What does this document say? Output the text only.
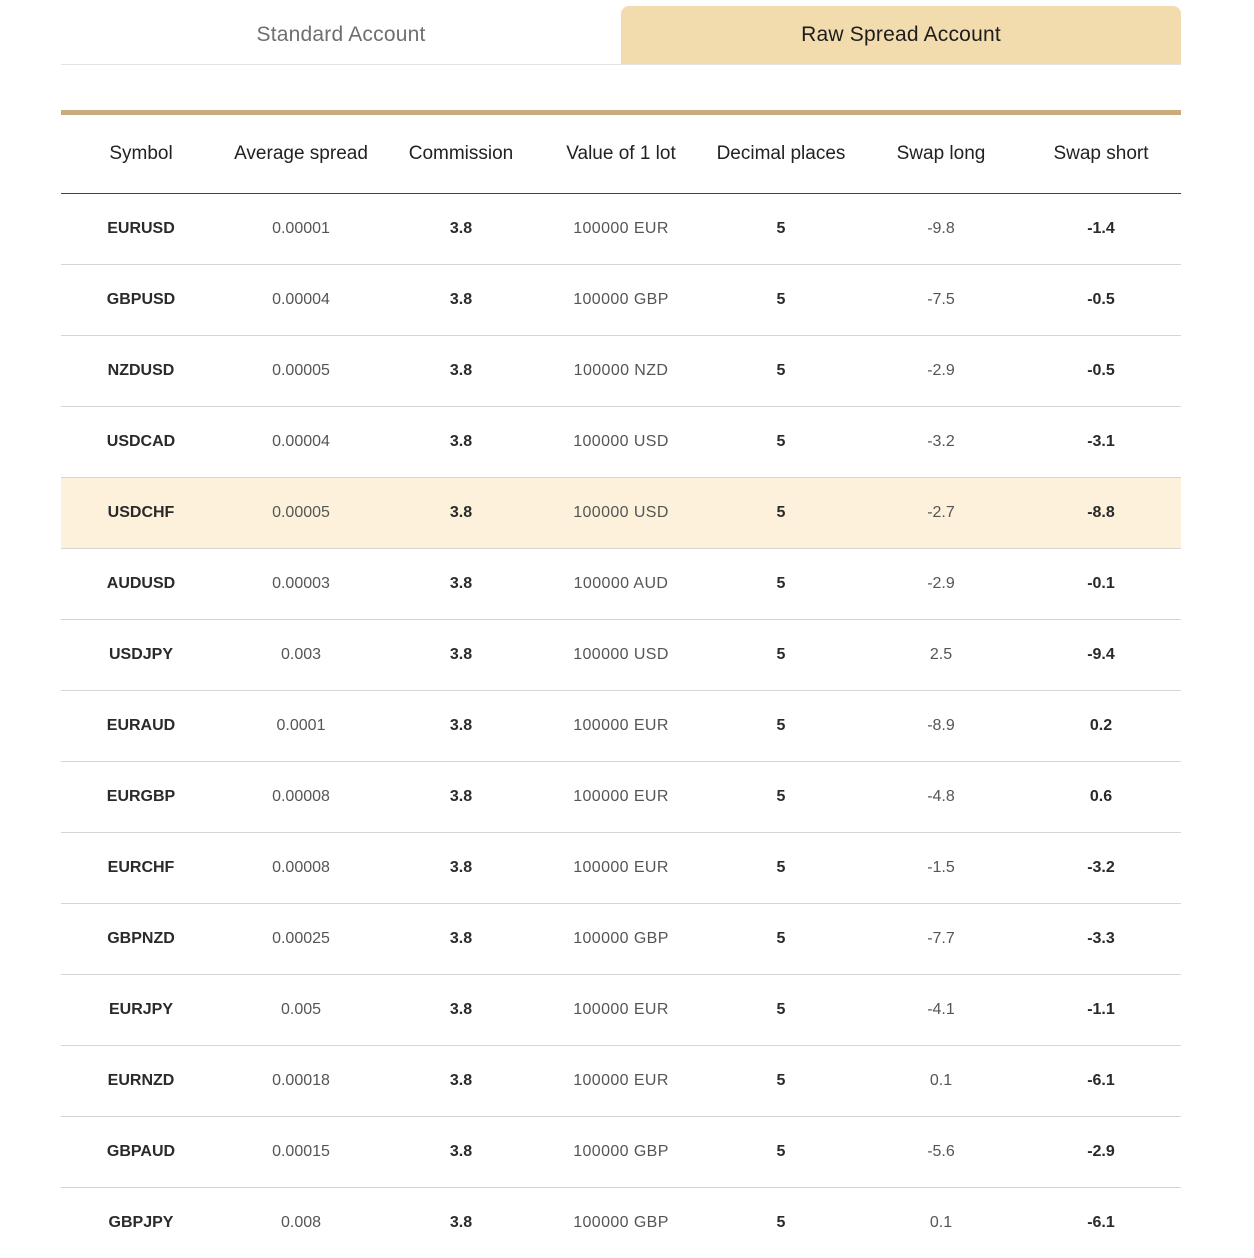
Standard Account	Raw Spread Account
Symbol	Average spread	Commission	Value of 1 lot	Decimal places	Swap long	Swap short
EURUSD	0.00001	3.8	100000 EUR	5	-9.8	-1.4
GBPUSD	0.00004	3.8	100000 GBP	5	-7.5	-0.5
NZDUSD	0.00005	3.8	100000 NZD	5	-2.9	-0.5
USDCAD	0.00004	3.8	100000 USD	5	-3.2	-3.1
USDCHF	0.00005	3.8	100000 USD	5	-2.7	-8.8
AUDUSD	0.00003	3.8	100000 AUD	5	-2.9	-0.1
USDJPY	0.003	3.8	100000 USD	5	2.5	-9.4
EURAUD	0.0001	3.8	100000 EUR	5	-8.9	0.2
EURGBP	0.00008	3.8	100000 EUR	5	-4.8	0.6
EURCHF	0.00008	3.8	100000 EUR	5	-1.5	-3.2
GBPNZD	0.00025	3.8	100000 GBP	5	-7.7	-3.3
EURJPY	0.005	3.8	100000 EUR	5	-4.1	-1.1
EURNZD	0.00018	3.8	100000 EUR	5	0.1	-6.1
GBPAUD	0.00015	3.8	100000 GBP	5	-5.6	-2.9
GBPJPY	0.008	3.8	100000 GBP	5	0.1	-6.1
